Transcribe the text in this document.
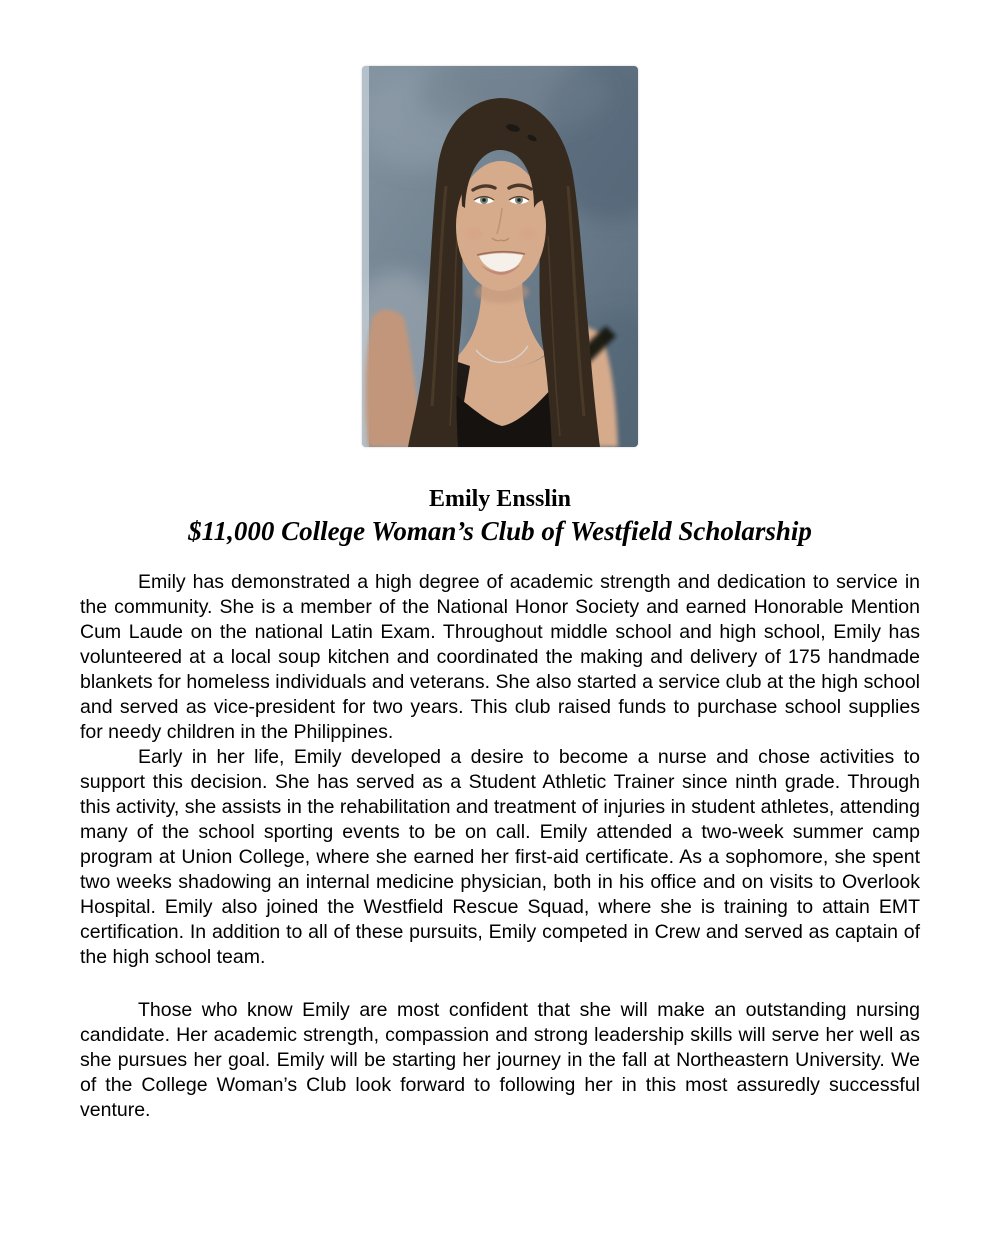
Emily Ensslin
$11,000 College Woman’s Club of Westfield Scholarship

Emily has demonstrated a high degree of academic strength and dedication to service in the community. She is a member of the National Honor Society and earned Honorable Mention Cum Laude on the national Latin Exam. Throughout middle school and high school, Emily has volunteered at a local soup kitchen and coordinated the making and delivery of 175 handmade blankets for homeless individuals and veterans. She also started a service club at the high school and served as vice-president for two years. This club raised funds to purchase school supplies for needy children in the Philippines.

Early in her life, Emily developed a desire to become a nurse and chose activities to support this decision. She has served as a Student Athletic Trainer since ninth grade. Through this activity, she assists in the rehabilitation and treatment of injuries in student athletes, attending many of the school sporting events to be on call. Emily attended a two-week summer camp program at Union College, where she earned her first-aid certificate. As a sophomore, she spent two weeks shadowing an internal medicine physician, both in his office and on visits to Overlook Hospital. Emily also joined the Westfield Rescue Squad, where she is training to attain EMT certification. In addition to all of these pursuits, Emily competed in Crew and served as captain of the high school team.

Those who know Emily are most confident that she will make an outstanding nursing candidate. Her academic strength, compassion and strong leadership skills will serve her well as she pursues her goal. Emily will be starting her journey in the fall at Northeastern University. We of the College Woman’s Club look forward to following her in this most assuredly successful venture.
